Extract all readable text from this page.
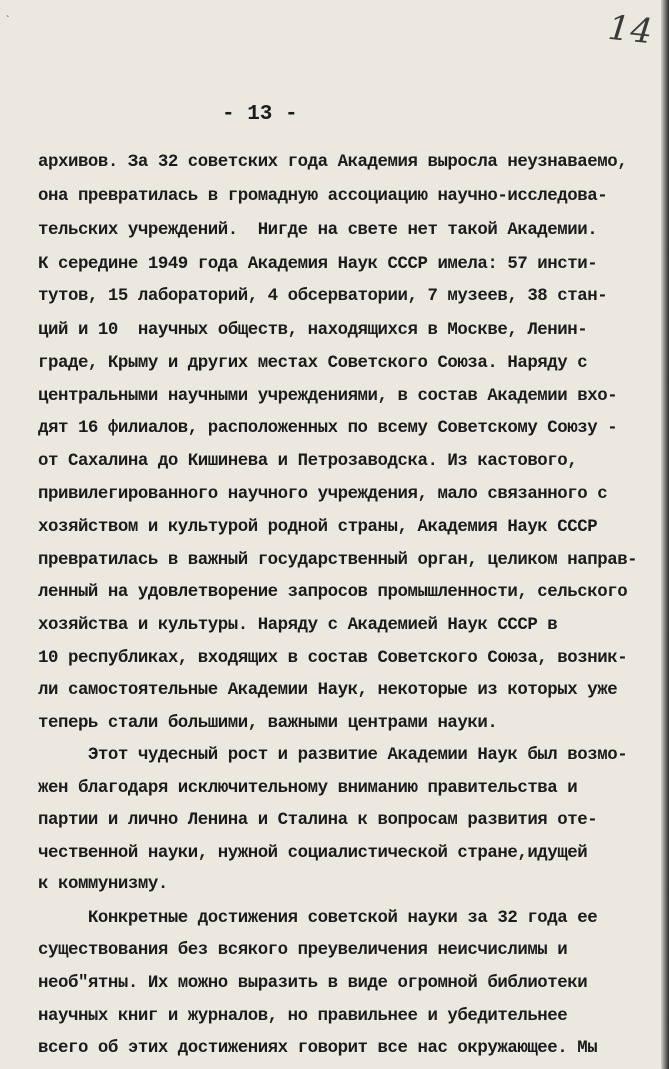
`	14
- 13 -
архивов. За 32 советских года Академия выросла неузнаваемо,
она превратилась в громадную ассоциацию научно-исследова-
тельских учреждений.  Нигде на свете нет такой Академии.
К середине 1949 года Академия Наук СССР имела: 57 инсти-
тутов, 15 лабораторий, 4 обсерватории, 7 музеев, 38 стан-
ций и 10  научных обществ, находящихся в Москве, Ленин-
граде, Крыму и других местах Советского Союза. Наряду с
центральными научными учреждениями, в состав Академии вхо-
дят 16 филиалов, расположенных по всему Советскому Союзу -
от Сахалина до Кишинева и Петрозаводска. Из кастового,
привилегированного научного учреждения, мало связанного с
хозяйством и культурой родной страны, Академия Наук СССР
превратилась в важный государственный орган, целиком направ-
ленный на удовлетворение запросов промышленности, сельского
хозяйства и культуры. Наряду с Академией Наук СССР в
10 республиках, входящих в состав Советского Союза, возник-
ли самостоятельные Академии Наук, некоторые из которых уже
теперь стали большими, важными центрами науки.
Этот чудесный рост и развитие Академии Наук был возмо-
жен благодаря исключительному вниманию правительства и
партии и лично Ленина и Сталина к вопросам развития оте-
чественной науки, нужной социалистической стране,идущей
к коммунизму.
Конкретные достижения советской науки за 32 года ее
существования без всякого преувеличения неисчислимы и
необ"ятны. Их можно выразить в виде огромной библиотеки
научных книг и журналов, но правильнее и убедительнее
всего об этих достижениях говорит все нас окружающее. Мы
